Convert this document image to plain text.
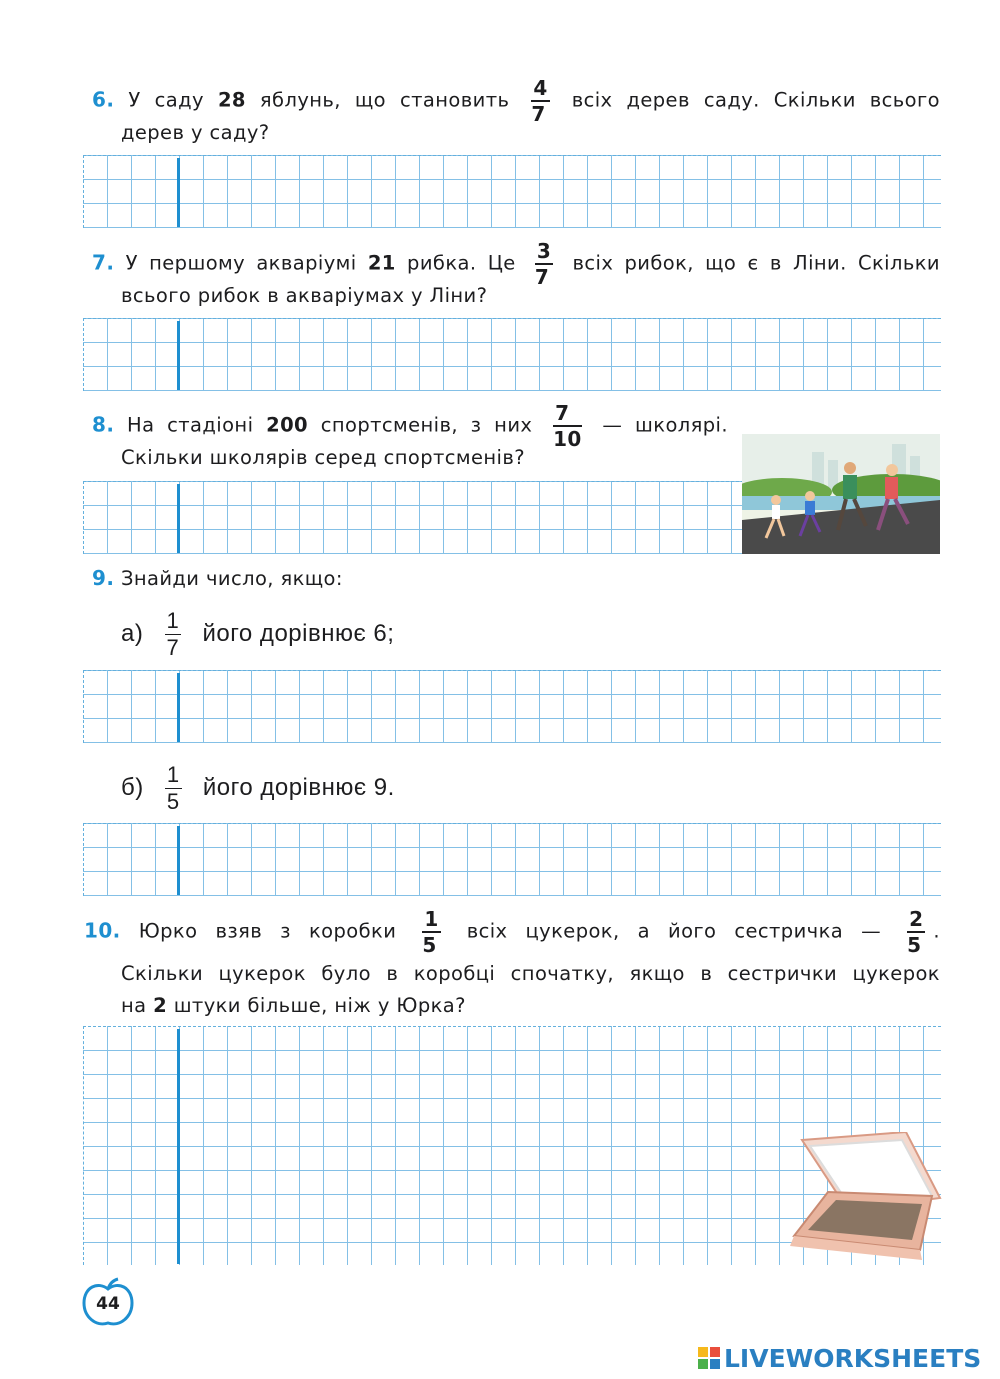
6. У саду 28 яблунь, що становить $\frac{4}{7}$ всіх дерев саду. Скільки всього
дерев у саду?
7. У першому акваріумі 21 рибка. Це $\frac{3}{7}$ всіх рибок, що є в Ліни. Скільки
всього рибок в акваріумах у Ліни?
8. На стадіоні 200 спортсменів, з них $\frac{7}{10}$ — школярі.
Скільки школярів серед спортсменів?
9. Знайди число, якщо:
$а) \frac{1}{7}$ його дорівнює 6;
$б) \frac{1}{5}$ його дорівнює 9.
10. Юрко взяв з коробки $\frac{1}{5}$ всіх цукерок, а його сестричка — $\frac{2}{5}$ .
Скільки цукерок було в коробці спочатку, якщо в сестрички цукерок
на 2 штуки більше, ніж у Юрка?
44
LIVEWORKSHEETS
